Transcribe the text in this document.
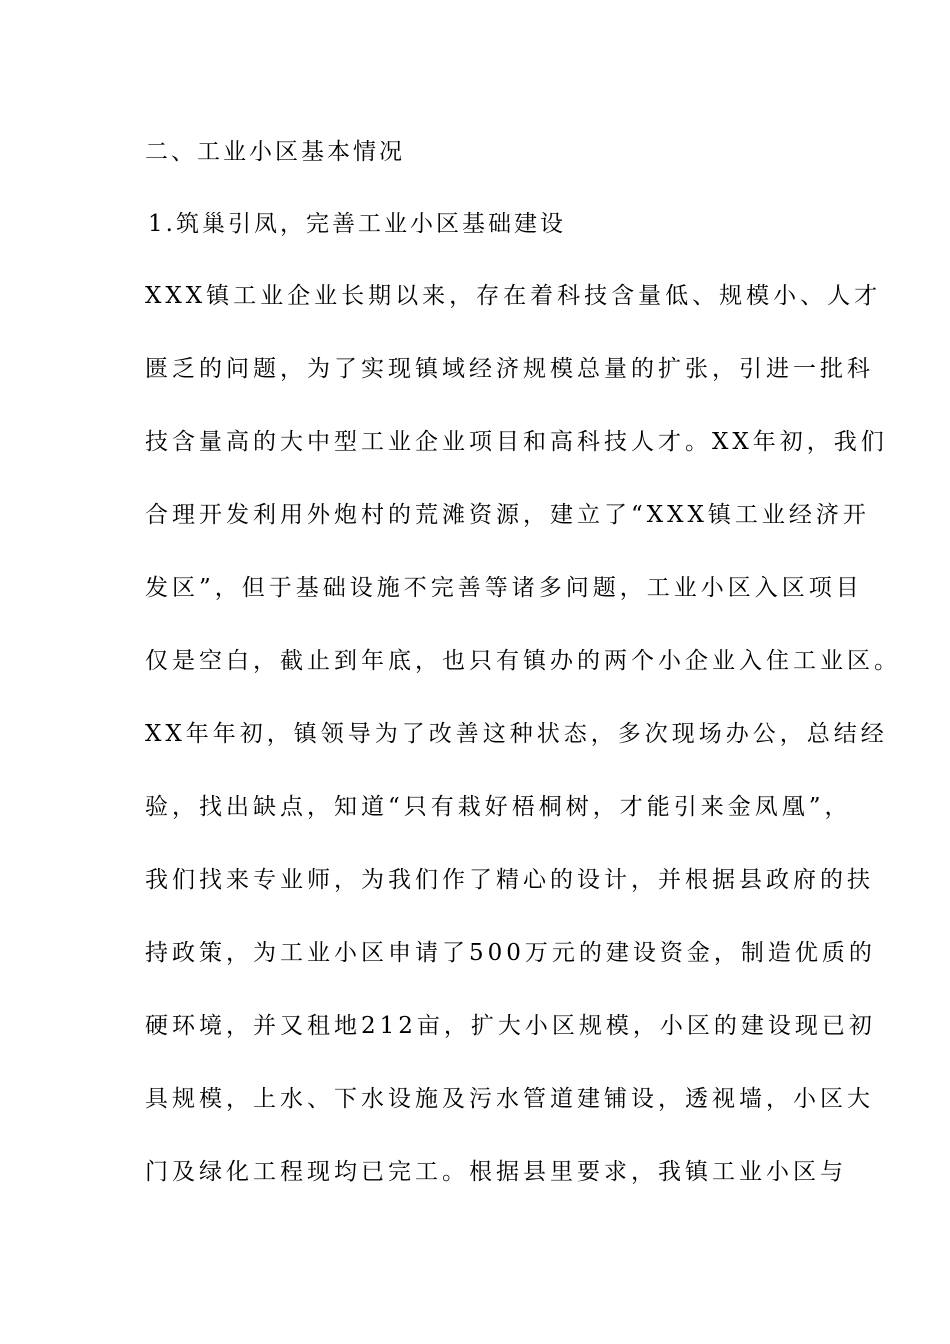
二、工业小区基本情况
1.筑巢引凤，完善工业小区基础建设
XXX镇工业企业长期以来，存在着科技含量低、规模小、人才
匮乏的问题，为了实现镇域经济规模总量的扩张，引进一批科
技含量高的大中型工业企业项目和高科技人才。XX年初，我们
合理开发利用外炮村的荒滩资源，建立了“XXX镇工业经济开
发区”，但于基础设施不完善等诸多问题，工业小区入区项目
仅是空白，截止到年底，也只有镇办的两个小企业入住工业区。
XX年年初，镇领导为了改善这种状态，多次现场办公，总结经
验，找出缺点，知道“只有栽好梧桐树，才能引来金凤凰”，
我们找来专业师，为我们作了精心的设计，并根据县政府的扶
持政策，为工业小区申请了500万元的建设资金，制造优质的
硬环境，并又租地212亩，扩大小区规模，小区的建设现已初
具规模，上水、下水设施及污水管道建铺设，透视墙，小区大
门及绿化工程现均已完工。根据县里要求，我镇工业小区与
